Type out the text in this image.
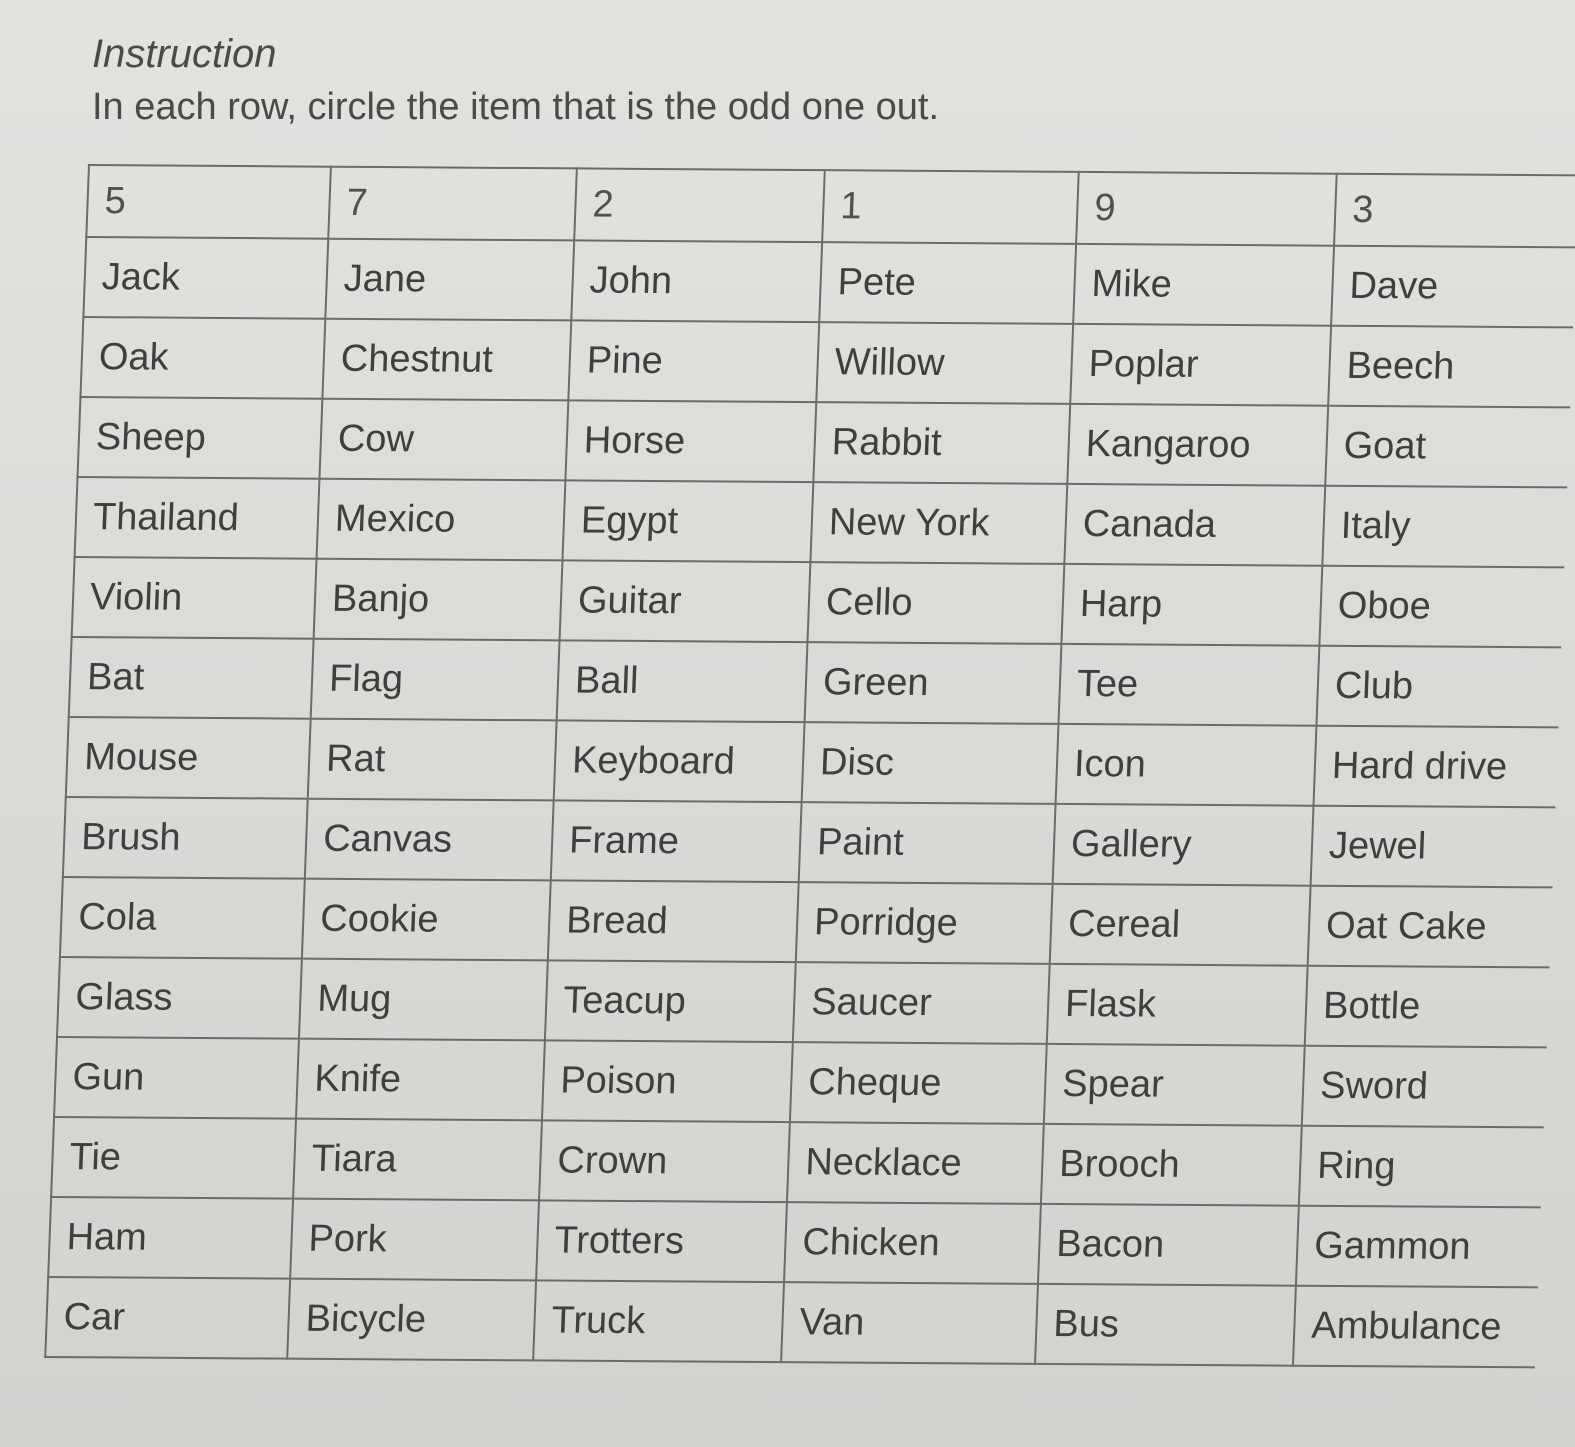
Instruction

In each row, circle the item that is the odd one out.

5	7	2	1	9	3
Jack	Jane	John	Pete	Mike	Dave
Oak	Chestnut	Pine	Willow	Poplar	Beech
Sheep	Cow	Horse	Rabbit	Kangaroo	Goat
Thailand	Mexico	Egypt	New York	Canada	Italy
Violin	Banjo	Guitar	Cello	Harp	Oboe
Bat	Flag	Ball	Green	Tee	Club
Mouse	Rat	Keyboard	Disc	Icon	Hard drive
Brush	Canvas	Frame	Paint	Gallery	Jewel
Cola	Cookie	Bread	Porridge	Cereal	Oat Cake
Glass	Mug	Teacup	Saucer	Flask	Bottle
Gun	Knife	Poison	Cheque	Spear	Sword
Tie	Tiara	Crown	Necklace	Brooch	Ring
Ham	Pork	Trotters	Chicken	Bacon	Gammon
Car	Bicycle	Truck	Van	Bus	Ambulance
